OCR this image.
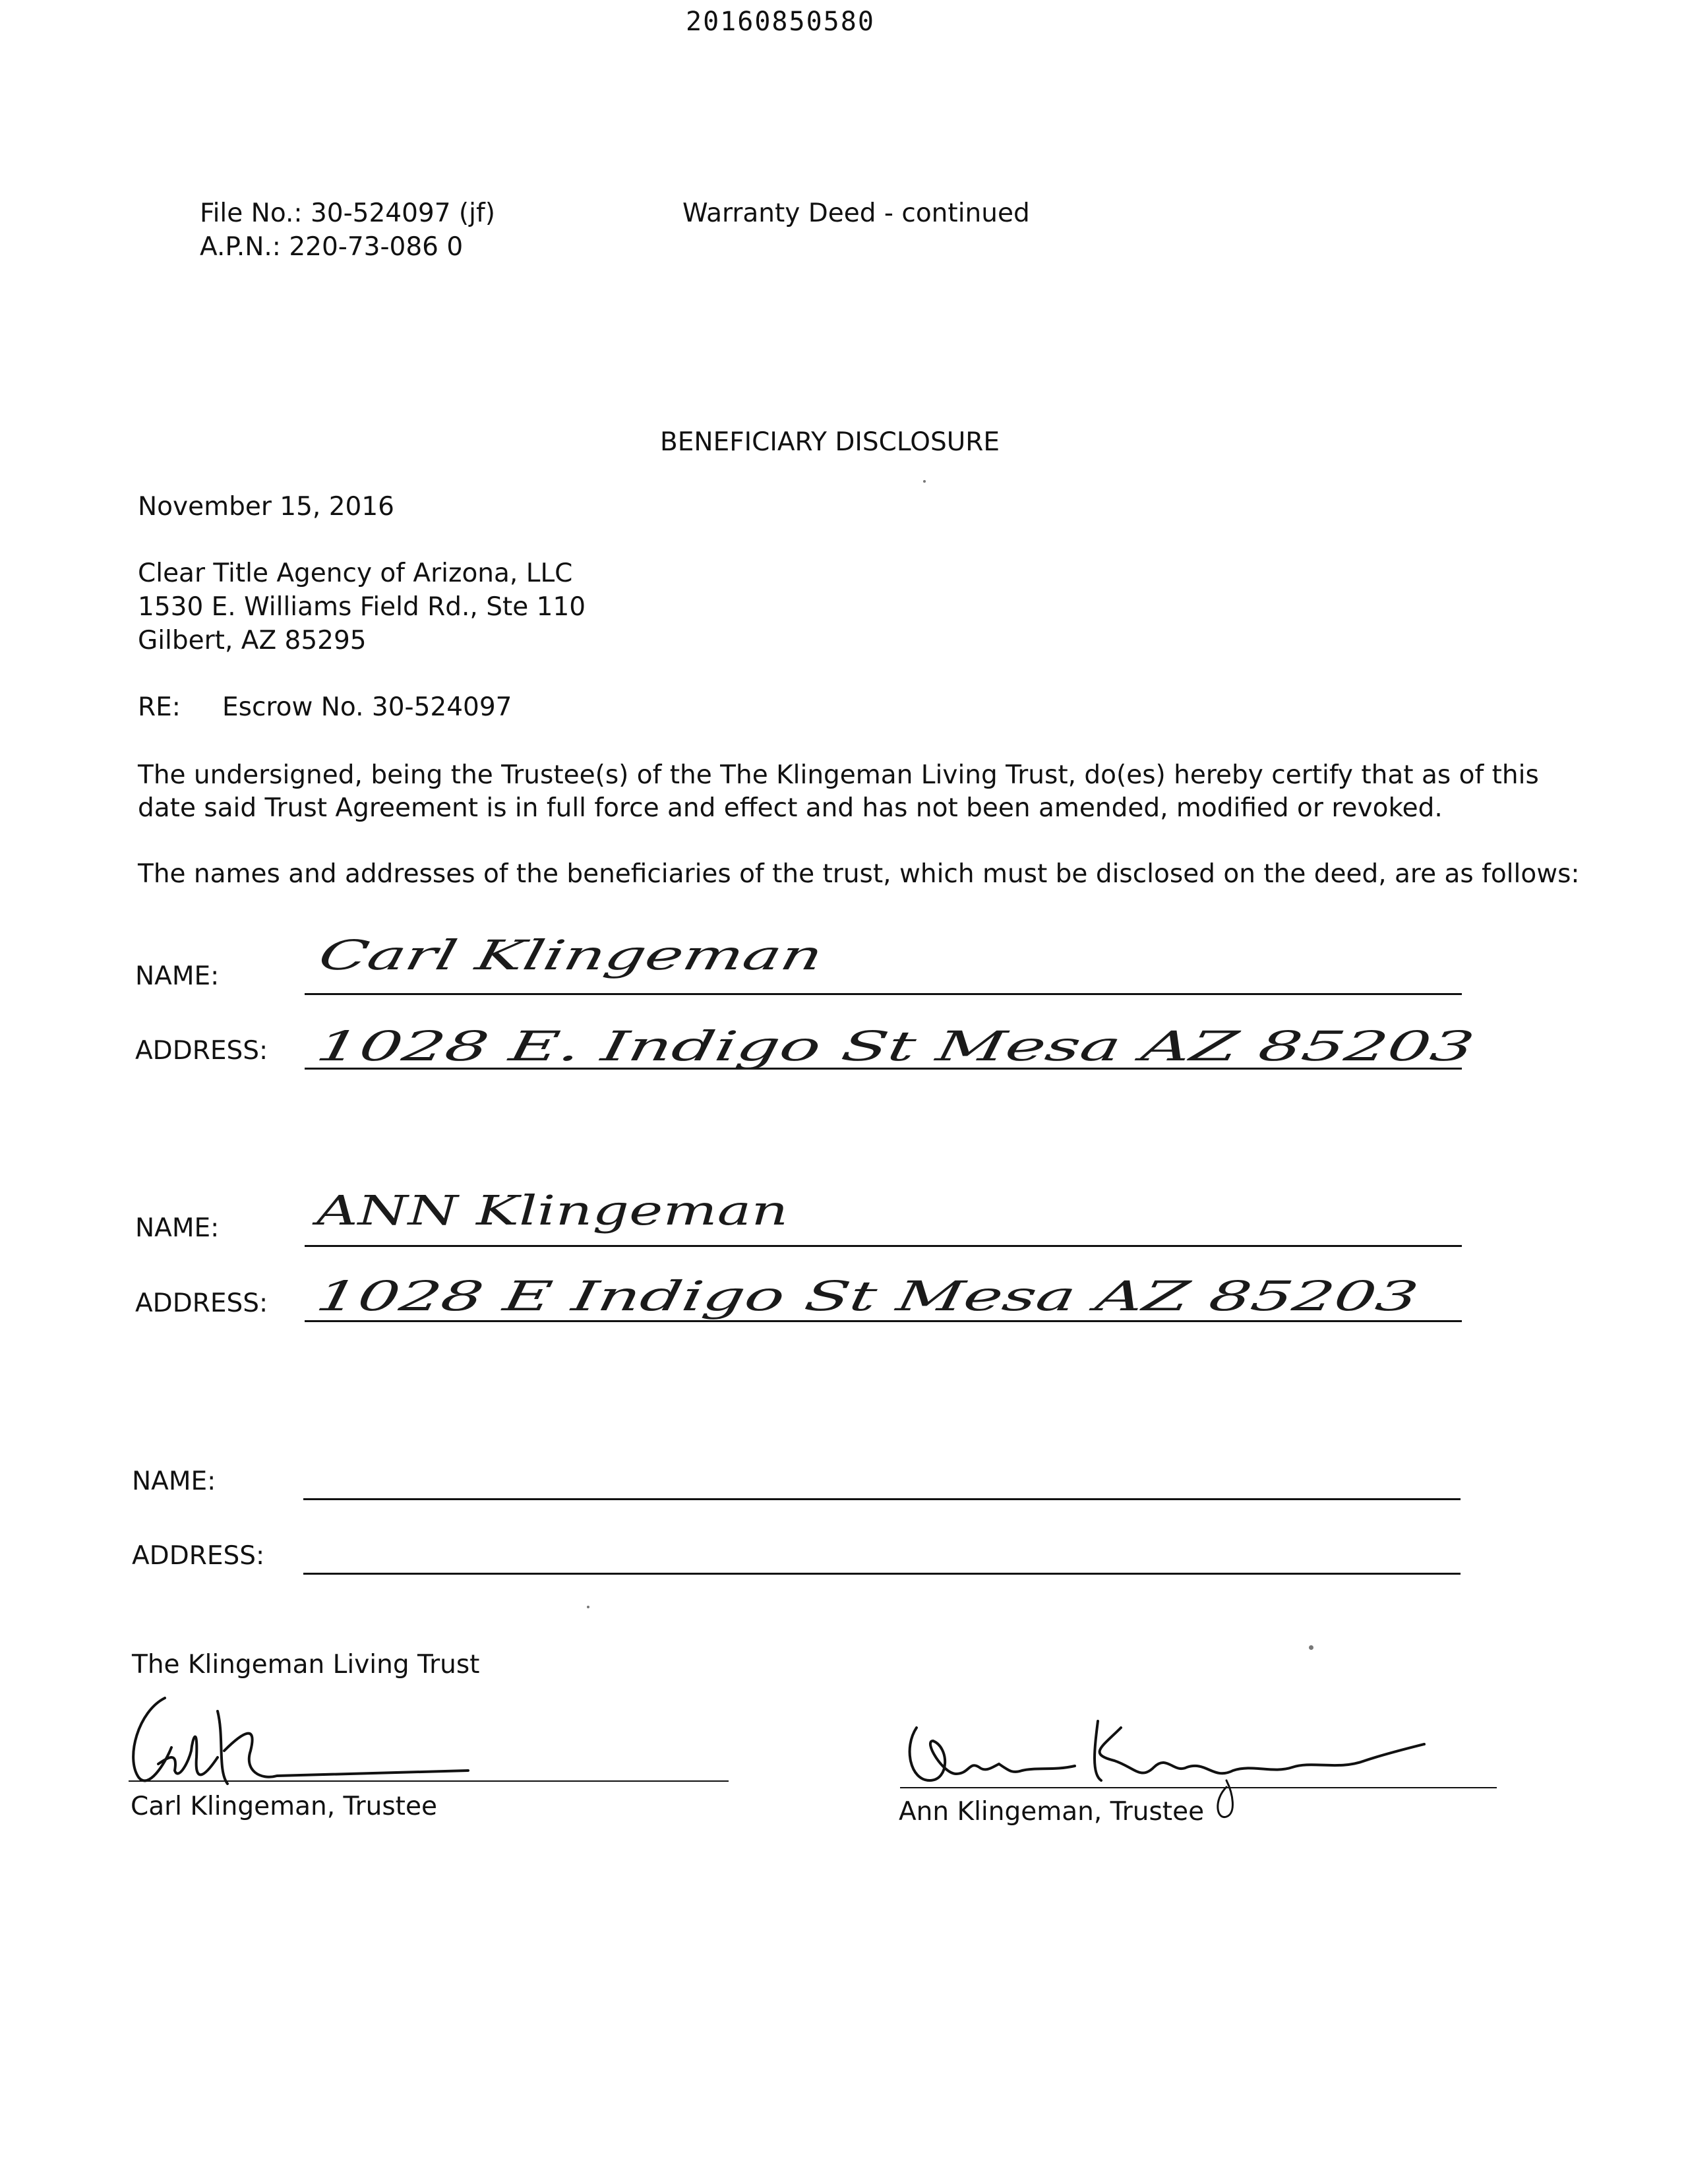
20160850580
File No.: 30-524097 (jf)
A.P.N.: 220-73-086 0
Warranty Deed - continued
BENEFICIARY DISCLOSURE
November 15, 2016
Clear Title Agency of Arizona, LLC
1530 E. Williams Field Rd., Ste 110
Gilbert, AZ 85295
RE: Escrow No. 30-524097
The undersigned, being the Trustee(s) of the The Klingeman Living Trust, do(es) hereby certify that as of this
date said Trust Agreement is in full force and effect and has not been amended, modified or revoked.
The names and addresses of the beneficiaries of the trust, which must be disclosed on the deed, are as follows:
NAME: Carl Klingeman
ADDRESS: 1028 E. Indigo St Mesa AZ 85203
NAME: ANN Klingeman
ADDRESS: 1028 E Indigo St Mesa AZ 85203
NAME:
ADDRESS:
The Klingeman Living Trust
Carl Klingeman, Trustee	Ann Klingeman, Trustee
